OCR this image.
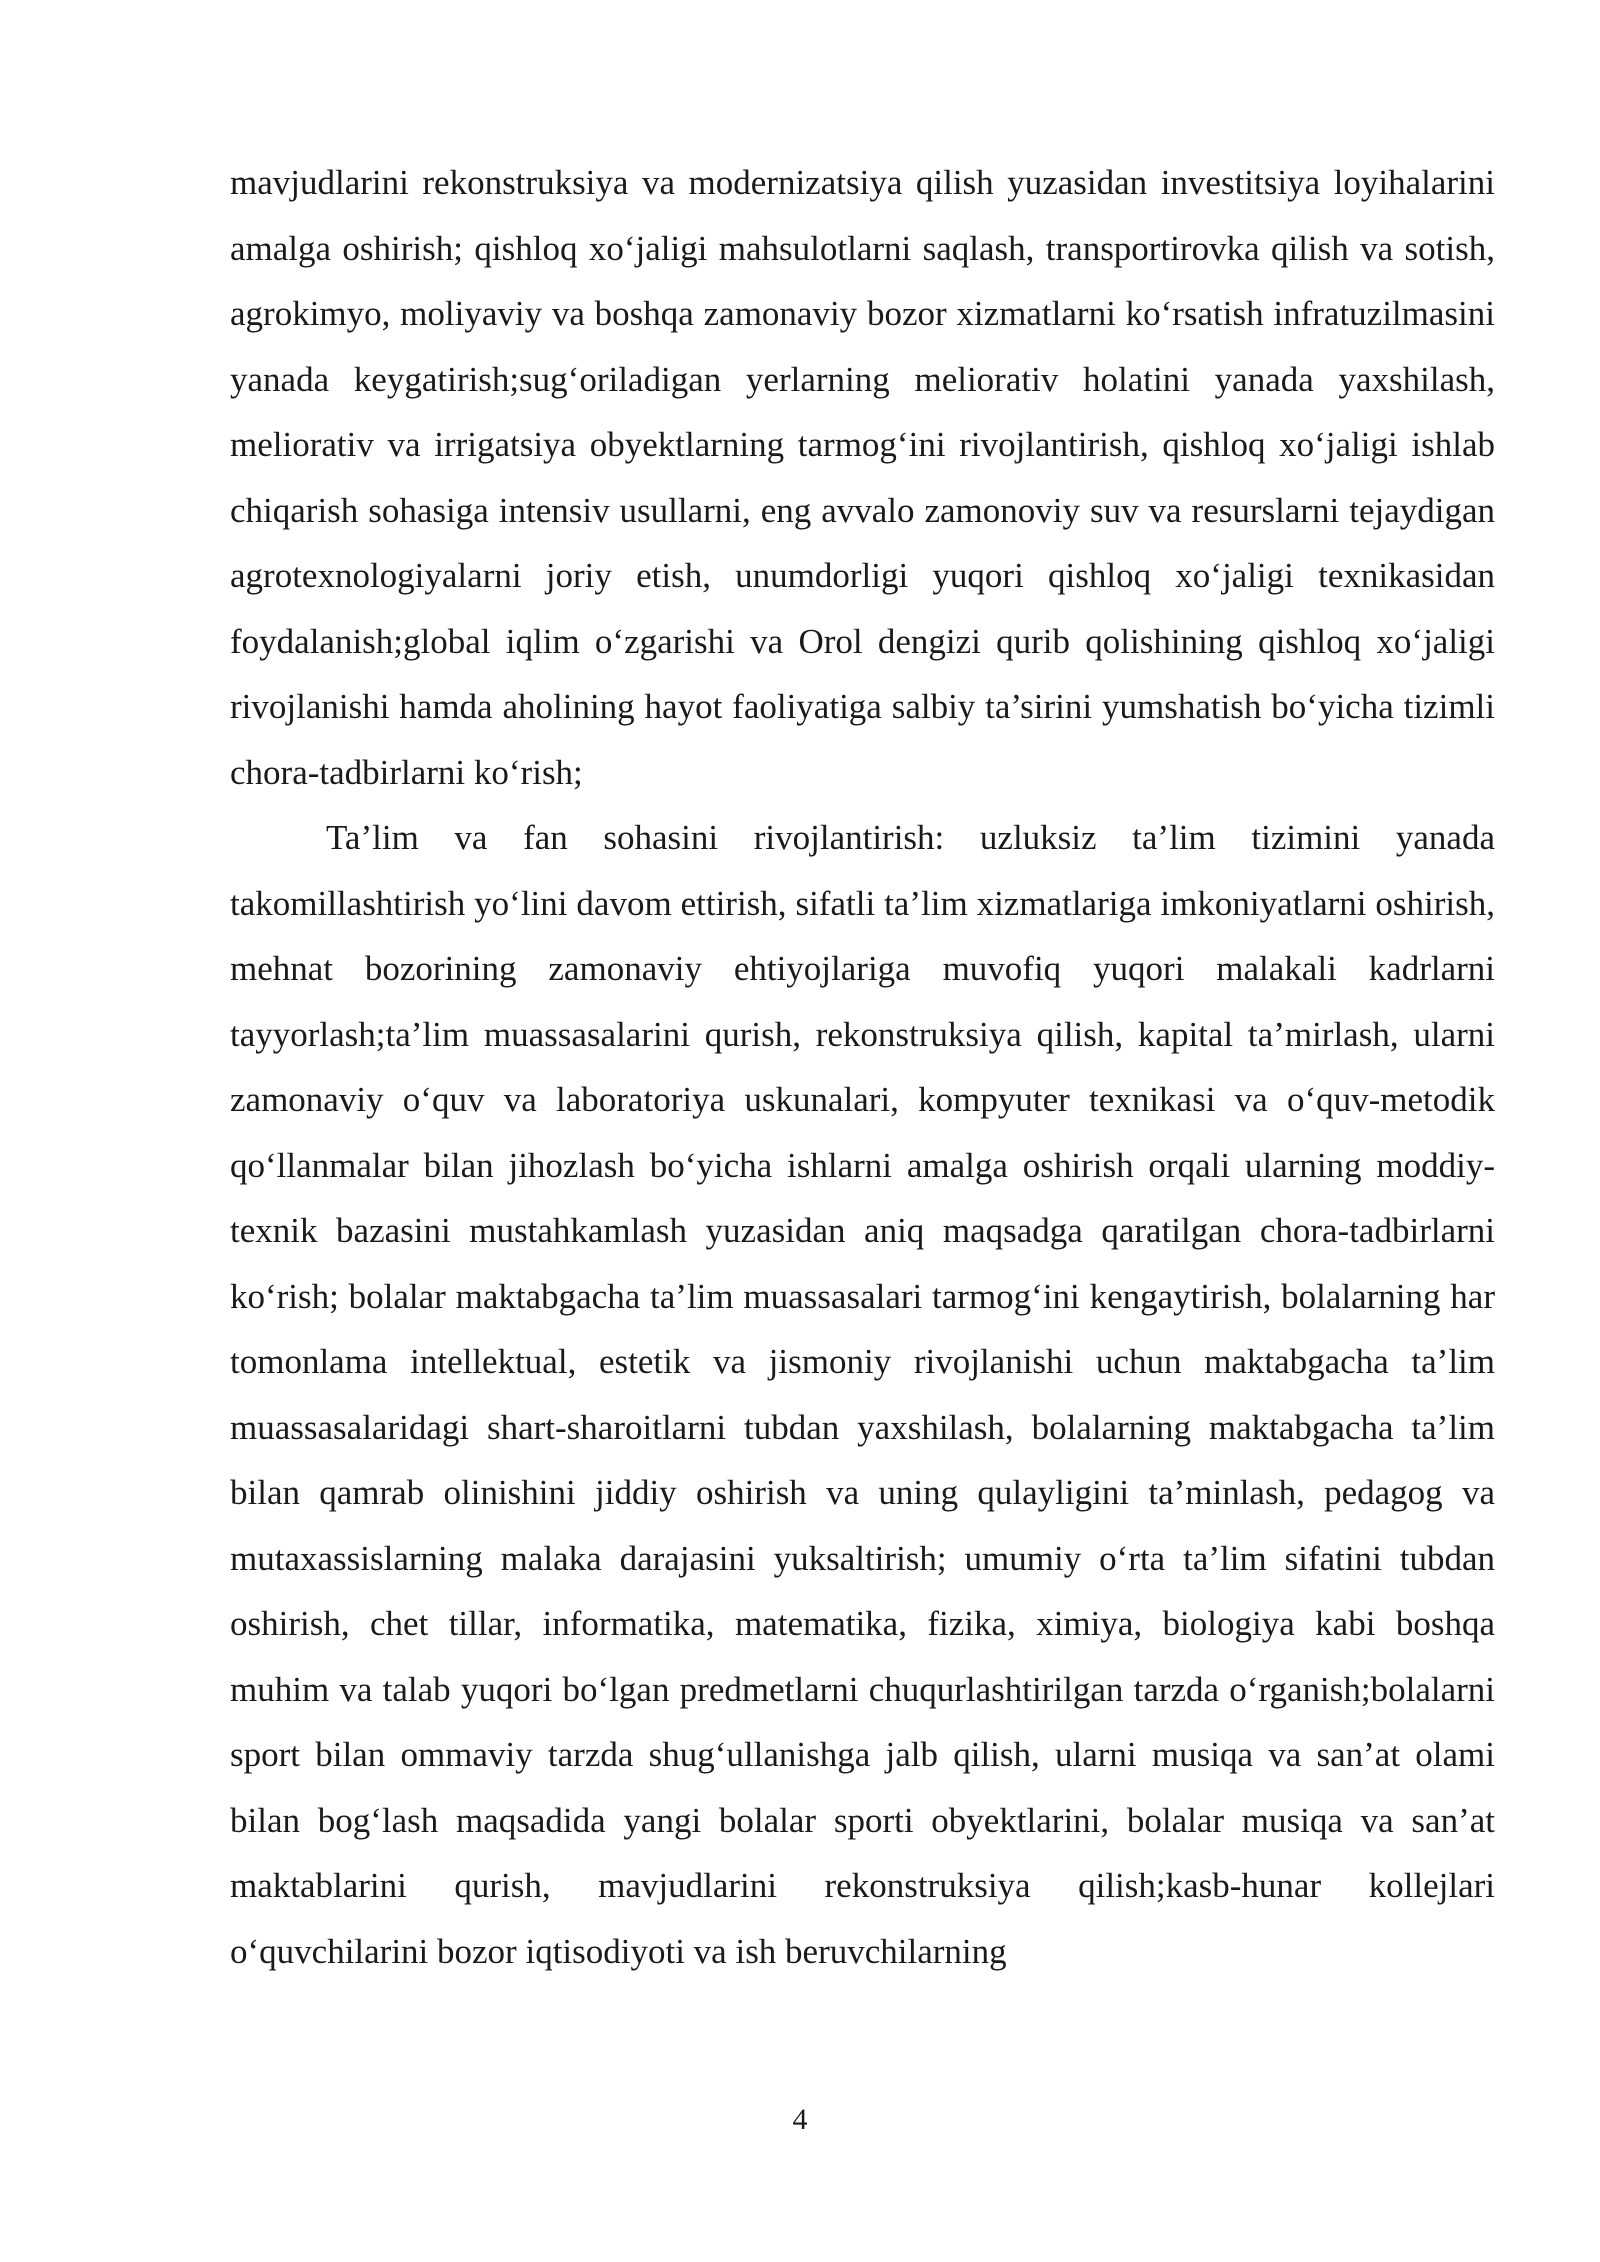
mavjudlarini rekonstruksiya va modernizatsiya qilish yuzasidan investitsiya loyihalarini amalga oshirish; qishloq xo‘jaligi mahsulotlarni saqlash, transportirovka qilish va sotish, agrokimyo, moliyaviy va boshqa zamonaviy bozor xizmatlarni ko‘rsatish infratuzilmasini yanada keygatirish;sug‘oriladigan yerlarning meliorativ holatini yanada yaxshilash, meliorativ va irrigatsiya obyektlarning tarmog‘ini rivojlantirish, qishloq xo‘jaligi ishlab chiqarish sohasiga intensiv usullarni, eng avvalo zamonoviy suv va resurslarni tejaydigan agrotexnologiyalarni joriy etish, unumdorligi yuqori qishloq xo‘jaligi texnikasidan foydalanish;global iqlim o‘zgarishi va Orol dengizi qurib qolishining qishloq xo‘jaligi rivojlanishi hamda aholining hayot faoliyatiga salbiy ta’sirini yumshatish bo‘yicha tizimli chora-tadbirlarni ko‘rish;

Ta’lim va fan sohasini rivojlantirish: uzluksiz ta’lim tizimini yanada takomillashtirish yo‘lini davom ettirish, sifatli ta’lim xizmatlariga imkoniyatlarni oshirish, mehnat bozorining zamonaviy ehtiyojlariga muvofiq yuqori malakali kadrlarni tayyorlash;ta’lim muassasalarini qurish, rekonstruksiya qilish, kapital ta’mirlash, ularni zamonaviy o‘quv va laboratoriya uskunalari, kompyuter texnikasi va o‘quv-metodik qo‘llanmalar bilan jihozlash bo‘yicha ishlarni amalga oshirish orqali ularning moddiy-texnik bazasini mustahkamlash yuzasidan aniq maqsadga qaratilgan chora-tadbirlarni ko‘rish; bolalar maktabgacha ta’lim muassasalari tarmog‘ini kengaytirish, bolalarning har tomonlama intellektual, estetik va jismoniy rivojlanishi uchun maktabgacha ta’lim muassasalaridagi shart-sharoitlarni tubdan yaxshilash, bolalarning maktabgacha ta’lim bilan qamrab olinishini jiddiy oshirish va uning qulayligini ta’minlash, pedagog va mutaxassislarning malaka darajasini yuksaltirish; umumiy o‘rta ta’lim sifatini tubdan oshirish, chet tillar, informatika, matematika, fizika, ximiya, biologiya kabi boshqa muhim va talab yuqori bo‘lgan predmetlarni chuqurlashtirilgan tarzda o‘rganish;bolalarni sport bilan ommaviy tarzda shug‘ullanishga jalb qilish, ularni musiqa va san’at olami bilan bog‘lash maqsadida yangi bolalar sporti obyektlarini, bolalar musiqa va san’at maktablarini qurish, mavjudlarini rekonstruksiya qilish;kasb-hunar kollejlari o‘quvchilarini bozor iqtisodiyoti va ish beruvchilarning

4
